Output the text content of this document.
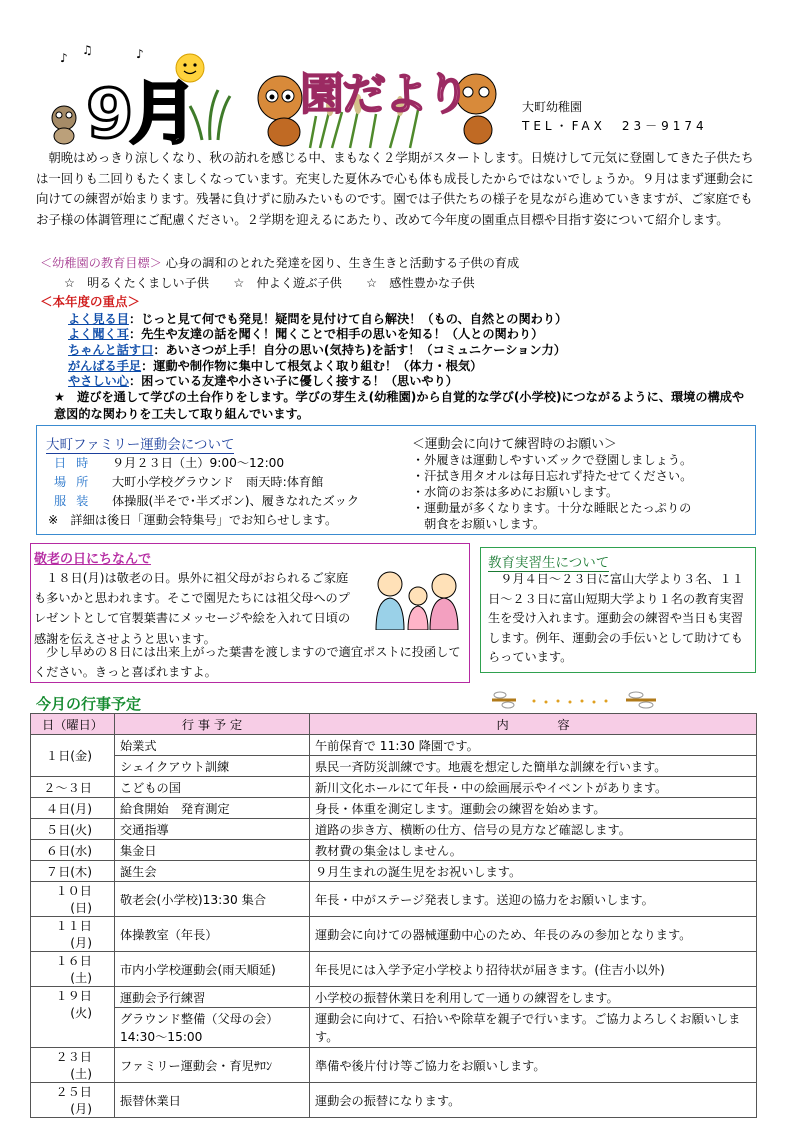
♪
♫	♪
9月 園だより	大町幼稚園
TEL・FAX　23－9174
朝晩はめっきり涼しくなり、秋の訪れを感じる中、まもなく２学期がスタートします。日焼けして元気に登園してきた子供たちは一回りも二回りもたくましくなっています。充実した夏休みで心も体も成長したからではないでしょうか。９月はまず運動会に向けての練習が始まります。残暑に負けずに励みたいものです。園では子供たちの様子を見ながら進めていきますが、ご家庭でもお子様の体調管理にご配慮ください。２学期を迎えるにあたり、改めて今年度の園重点目標や目指す姿について紹介します。
＜幼稚園の教育目標＞ 心身の調和のとれた発達を図り、生き生きと活動する子供の育成
☆　明るくたくましい子供　　☆　仲よく遊ぶ子供　　☆　感性豊かな子供
＜本年度の重点＞
よく見る目：じっと見て何でも発見！疑問を見付けて自ら解決！（もの、自然との関わり）
よく聞く耳：先生や友達の話を聞く！聞くことで相手の思いを知る！（人との関わり）
ちゃんと話す口：あいさつが上手！自分の思い(気持ち)を話す！（コミュニケーション力）
がんばる手足：運動や制作物に集中して根気よく取り組む！（体力・根気）
やさしい心：困っている友達や小さい子に優しく接する！（思いやり）
★　遊びを通して学びの土台作りをします。学びの芽生え(幼稚園)から自覚的な学び(小学校)につながるように、環境の構成や意図的な関わりを工夫して取り組んでいます。
大町ファミリー運動会について
日時 ９月２３日（土）9:00～12:00
場所 大町小学校グラウンド　雨天時:体育館
服装 体操服(半そで･半ズボン)、履きなれたズック
※　詳細は後日「運動会特集号」でお知らせします。
＜運動会に向けて練習時のお願い＞
・外履きは運動しやすいズックで登園しましょう。
・汗拭き用タオルは毎日忘れず持たせてください。
・水筒のお茶は多めにお願いします。
・運動量が多くなります。十分な睡眠とたっぷりの
　朝食をお願いします。
敬老の日にちなんで
　１８日(月)は敬老の日。県外に祖父母がおられるご家庭も多いかと思われます。そこで園児たちには祖父母へのプレゼントとして官製葉書にメッセージや絵を入れて日頃の感謝を伝えさせようと思います。
　少し早めの８日には出来上がった葉書を渡しますので適宜ポストに投函してください。きっと喜ばれますよ。
教育実習生について
９月４日～２３日に富山大学より３名、１１日～２３日に富山短期大学より１名の教育実習生を受け入れます。運動会の練習や当日も実習します。例年、運動会の手伝いとして助けてもらっています。
今月の行事予定
日（曜日）	行 事 予 定	内　　　　容
１日(金)	始業式	午前保育で 11:30 降園です。
	シェイクアウト訓練	県民一斉防災訓練です。地震を想定した簡単な訓練を行います。
２～３日	こどもの国	新川文化ホールにて年長・中の絵画展示やイベントがあります。
４日(月)	給食開始　発育測定	身長・体重を測定します。運動会の練習を始めます。
５日(火)	交通指導	道路の歩き方、横断の仕方、信号の見方など確認します。
６日(水)	集金日	教材費の集金はしません。
７日(木)	誕生会	９月生まれの誕生児をお祝いします。
１０日(日)	敬老会(小学校)13:30 集合	年長・中がステージ発表します。送迎の協力をお願いします。
１１日(月)	体操教室（年長）	運動会に向けての器械運動中心のため、年長のみの参加となります。
１６日(土)	市内小学校運動会(雨天順延)	年長児には入学予定小学校より招待状が届きます。(住吉小以外)
１９日(火)	運動会予行練習	小学校の振替休業日を利用して一通りの練習をします。
	グラウンド整備（父母の会）14:30～15:00	運動会に向けて、石拾いや除草を親子で行います。ご協力よろしくお願いします。
２３日(土)	ファミリー運動会・育児ｻﾛﾝ	準備や後片付け等ご協力をお願いします。
２５日(月)	振替休業日	運動会の振替になります。
